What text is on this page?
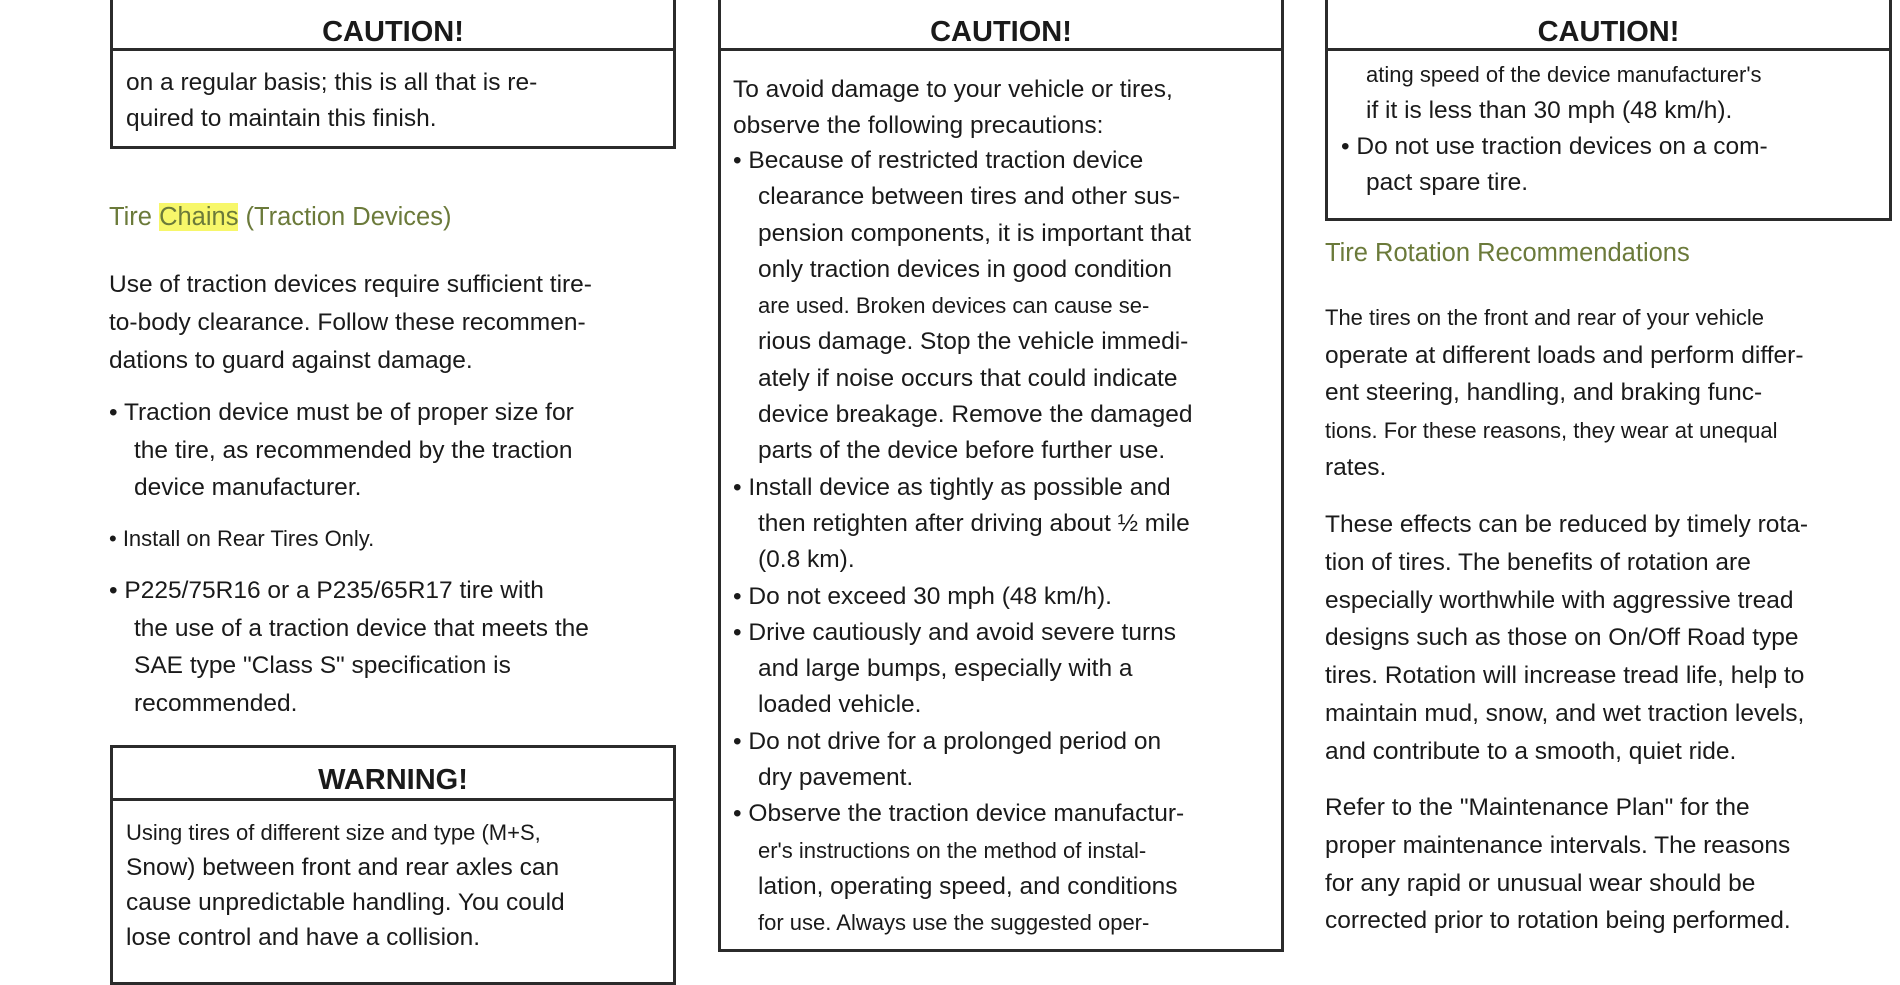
CAUTION!
on a regular basis; this is all that is re-
quired to maintain this finish.
Tire Chains (Traction Devices)
Use of traction devices require sufficient tire-
to-body clearance. Follow these recommen-
dations to guard against damage.
• Traction device must be of proper size for
the tire, as recommended by the traction
device manufacturer.
• Install on Rear Tires Only.
• P225/75R16 or a P235/65R17 tire with
the use of a traction device that meets the
SAE type "Class S" specification is
recommended.
WARNING!
Using tires of different size and type (M+S,
Snow) between front and rear axles can
cause unpredictable handling. You could
lose control and have a collision.
CAUTION!
To avoid damage to your vehicle or tires,
observe the following precautions:
• Because of restricted traction device
clearance between tires and other sus-
pension components, it is important that
only traction devices in good condition
are used. Broken devices can cause se-
rious damage. Stop the vehicle immedi-
ately if noise occurs that could indicate
device breakage. Remove the damaged
parts of the device before further use.
• Install device as tightly as possible and
then retighten after driving about ½ mile
(0.8 km).
• Do not exceed 30 mph (48 km/h).
• Drive cautiously and avoid severe turns
and large bumps, especially with a
loaded vehicle.
• Do not drive for a prolonged period on
dry pavement.
• Observe the traction device manufactur-
er's instructions on the method of instal-
lation, operating speed, and conditions
for use. Always use the suggested oper-
CAUTION!
ating speed of the device manufacturer's
if it is less than 30 mph (48 km/h).
• Do not use traction devices on a com-
pact spare tire.
Tire Rotation Recommendations
The tires on the front and rear of your vehicle
operate at different loads and perform differ-
ent steering, handling, and braking func-
tions. For these reasons, they wear at unequal
rates.
These effects can be reduced by timely rota-
tion of tires. The benefits of rotation are
especially worthwhile with aggressive tread
designs such as those on On/Off Road type
tires. Rotation will increase tread life, help to
maintain mud, snow, and wet traction levels,
and contribute to a smooth, quiet ride.
Refer to the "Maintenance Plan" for the
proper maintenance intervals. The reasons
for any rapid or unusual wear should be
corrected prior to rotation being performed.
